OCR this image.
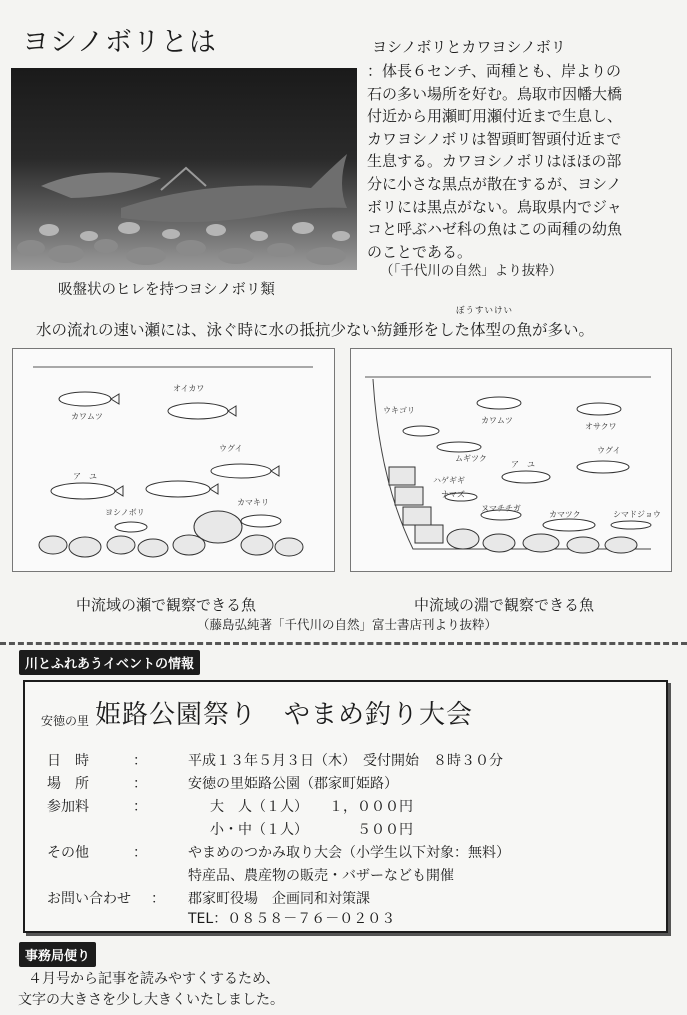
ヨシノボリとは
吸盤状のヒレを持つヨシノボリ類
ヨシノボリとカワヨシノボリ
：体長６センチ、両種とも、岸よりの
石の多い場所を好む。鳥取市因幡大橋
付近から用瀬町用瀬付近まで生息し、
カワヨシノボリは智頭町智頭付近まで
生息する。カワヨシノボリはほほの部
分に小さな黒点が散在するが、ヨシノ
ボリには黒点がない。鳥取県内でジャ
コと呼ぶハゼ科の魚はこの両種の幼魚
のことである。
（「千代川の自然」より抜粋）
ぼうすいけい
水の流れの速い瀬には、泳ぐ時に水の抵抗少ない紡錘形をした体型の魚が多い。
オイカワ
カワムツ
ウグイ
ア　ユ
ヨシノボリ
カマキリ
ウキゴリ
カワムツ
オサクワ
ムギツク
ウグイ
ハゲギギ
ア　ユ
ナマズ
ヌマチチガ
カマツク	シマドジョウ
中流域の瀬で観察できる魚	中流域の淵で観察できる魚
（藤島弘純著「千代川の自然」富士書店刊より抜粋）
川とふれあうイベントの情報
安徳の里 姫路公園祭り　やまめ釣り大会
日　時	：	平成１３年５月３日（木）　受付開始　８時３０分
場　所	：	安徳の里姫路公園（郡家町姫路）
参加料	：	大　人（１人）　　１，０００円
小・中（１人）　　　　５００円
その他	：	やまめのつかみ取り大会（小学生以下対象：無料）
特産品、農産物の販売・バザーなども開催
お問い合わせ ： 郡家町役場　企画同和対策課
TEL：０８５８－７６－０２０３
事務局便り
４月号から記事を読みやすくするため、
文字の大きさを少し大きくいたしました。
